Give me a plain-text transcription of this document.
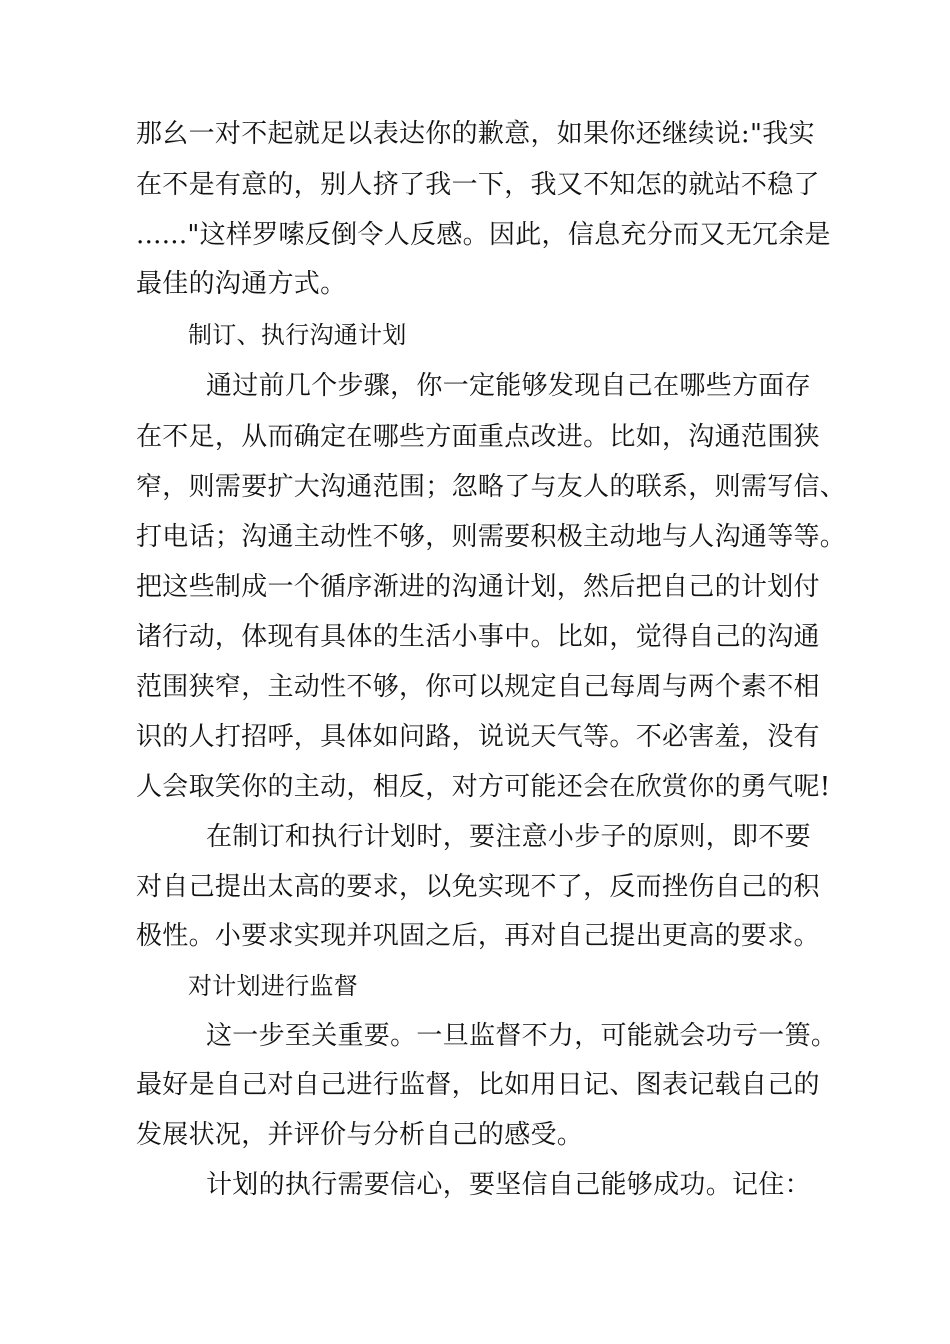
那幺一对不起就足以表达你的歉意，如果你还继续说:"我实
在不是有意的，别人挤了我一下，我又不知怎的就站不稳了
......"这样罗嗦反倒令人反感。因此，信息充分而又无冗余是
最佳的沟通方式。
制订、执行沟通计划
通过前几个步骤，你一定能够发现自己在哪些方面存
在不足，从而确定在哪些方面重点改进。比如，沟通范围狭
窄，则需要扩大沟通范围；忽略了与友人的联系，则需写信、
打电话；沟通主动性不够，则需要积极主动地与人沟通等等。
把这些制成一个循序渐进的沟通计划，然后把自己的计划付
诸行动，体现有具体的生活小事中。比如，觉得自己的沟通
范围狭窄，主动性不够，你可以规定自己每周与两个素不相
识的人打招呼，具体如问路，说说天气等。不必害羞，没有
人会取笑你的主动，相反，对方可能还会在欣赏你的勇气呢!
在制订和执行计划时，要注意小步子的原则，即不要
对自己提出太高的要求，以免实现不了，反而挫伤自己的积
极性。小要求实现并巩固之后，再对自己提出更高的要求。
对计划进行监督
这一步至关重要。一旦监督不力，可能就会功亏一篑。
最好是自己对自己进行监督，比如用日记、图表记载自己的
发展状况，并评价与分析自己的感受。
计划的执行需要信心，要坚信自己能够成功。记住：
